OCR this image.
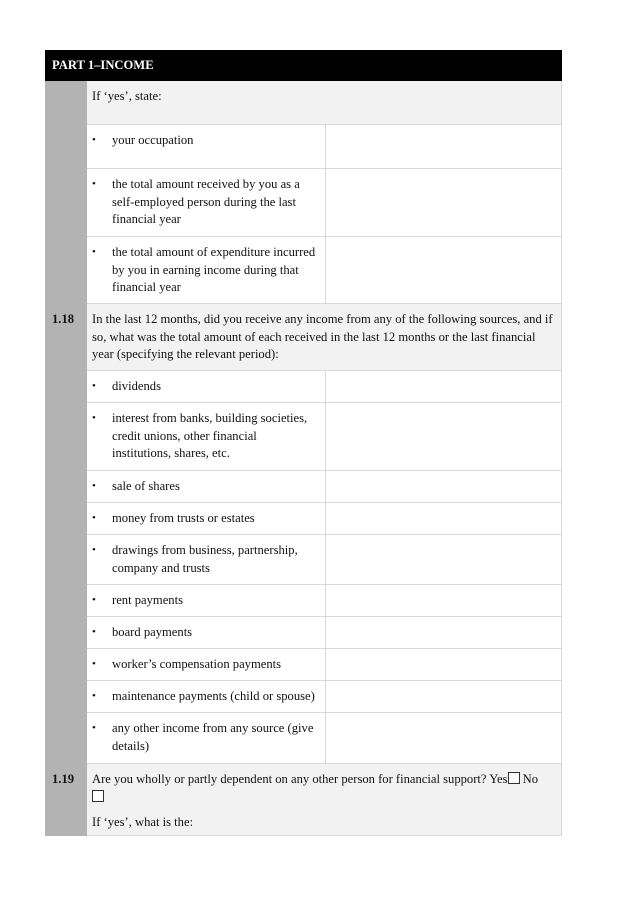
PART 1–INCOME		
	If ‘yes’, state:	

	• your occupation	

	• the total amount received by you as a self-employed person during the last financial year	

	• the total amount of expenditure incurred by you in earning income during that financial year	

1.18	In the last 12 months, did you receive any income from any of the following sources, and if so, what was the total amount of each received in the last 12 months or the last financial year (specifying the relevant period):	

	• dividends	

	• interest from banks, building societies, credit unions, other financial institutions, shares, etc.	

	• sale of shares	

	• money from trusts or estates	

	• drawings from business, partnership, company and trusts	

	• rent payments	

	• board payments	

	• worker’s compensation payments	

	• maintenance payments (child or spouse)	

	• any other income from any source (give details)	

1.19	Are you wholly or partly dependent on any other person for financial support? Yes No

If ‘yes’, what is the:	
